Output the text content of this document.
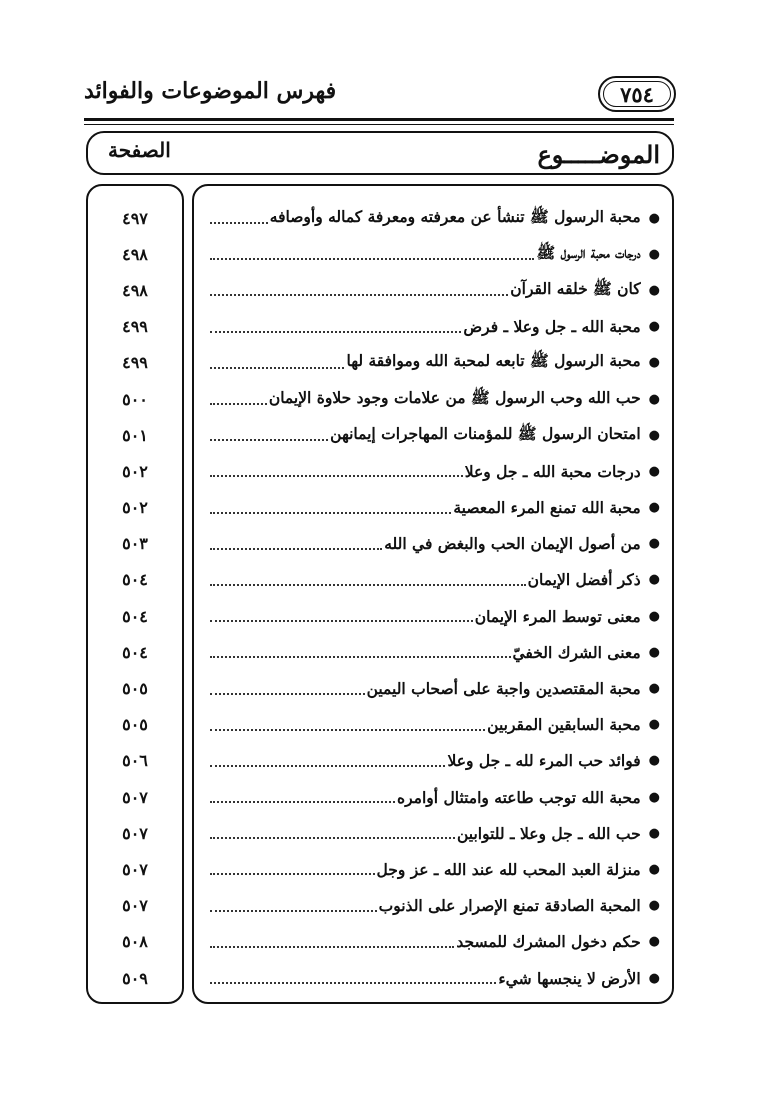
٧٥٤
فهرس الموضوعات والفوائد
الموضـــــوع
الصفحة
٤٩٧
٤٩٨
٤٩٨
٤٩٩
٤٩٩
٥٠٠
٥٠١
٥٠٢
٥٠٢
٥٠٣
٥٠٤
٥٠٤
٥٠٤
٥٠٥
٥٠٥
٥٠٦
٥٠٧
٥٠٧
٥٠٧
٥٠٧
٥٠٨
٥٠٩
●
محبة الرسول ﷺ تنشأ عن معرفته ومعرفة كماله وأوصافه
●
درجات محبة الرسول ﷺ
●
كان ﷺ خلقه القرآن
●
محبة الله ـ جل وعلا ـ فرض
●
محبة الرسول ﷺ تابعه لمحبة الله وموافقة لها
●
حب الله وحب الرسول ﷺ من علامات وجود حلاوة الإيمان
●
امتحان الرسول ﷺ للمؤمنات المهاجرات إيمانهن
●
درجات محبة الله ـ جل وعلا
●
محبة الله تمنع المرء المعصية
●
من أصول الإيمان الحب والبغض في الله
●
ذكر أفضل الإيمان
●
معنى توسط المرء الإيمان
●
معنى الشرك الخفيّ
●
محبة المقتصدين واجبة على أصحاب اليمين
●
محبة السابقين المقربين
●
فوائد حب المرء لله ـ جل وعلا
●
محبة الله توجب طاعته وامتثال أوامره
●
حب الله ـ جل وعلا ـ للتوابين
●
منزلة العبد المحب لله عند الله ـ عز وجل
●
المحبة الصادقة تمنع الإصرار على الذنوب
●
حكم دخول المشرك للمسجد
●
الأرض لا ينجسها شيء
